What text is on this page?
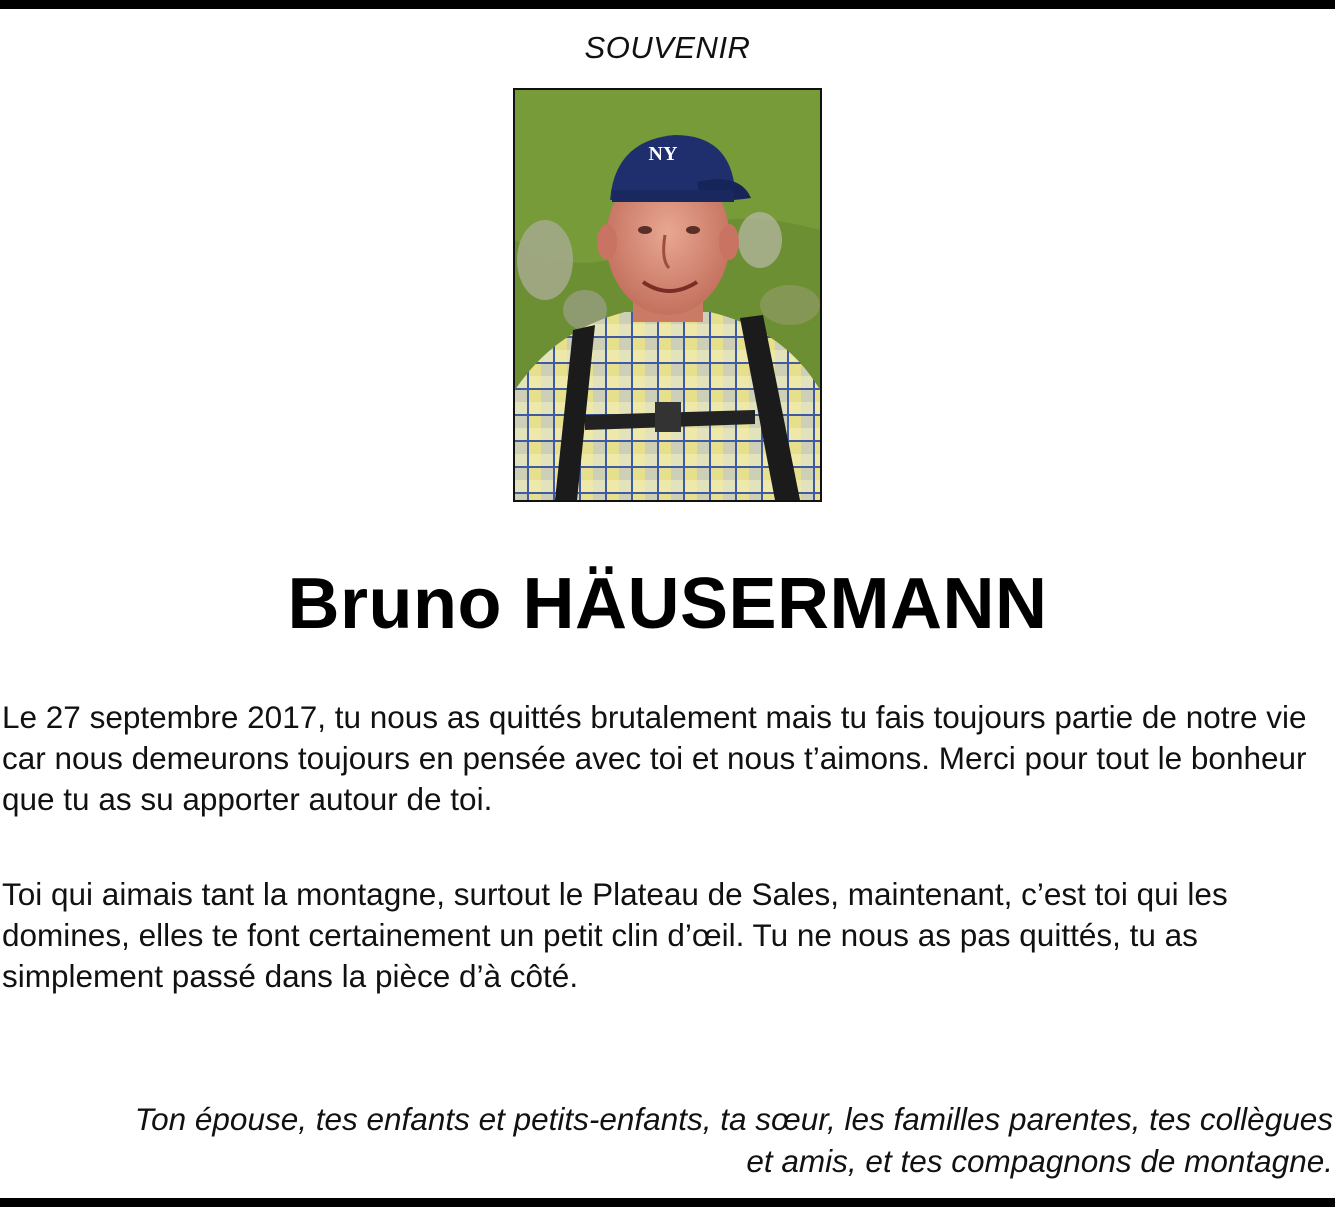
SOUVENIR
NY
Bruno HÄUSERMANN

Le 27 septembre 2017, tu nous as quittés brutalement mais tu fais toujours partie de notre vie car nous demeurons toujours en pensée avec toi et nous t’aimons. Merci pour tout le bonheur que tu as su apporter autour de toi.

Toi qui aimais tant la montagne, surtout le Plateau de Sales, maintenant, c’est toi qui les domines, elles te font certainement un petit clin d’œil. Tu ne nous as pas quittés, tu as simplement passé dans la pièce d’à côté.

Ton épouse, tes enfants et petits-enfants, ta sœur, les familles parentes, tes collègues
et amis, et tes compagnons de montagne.
